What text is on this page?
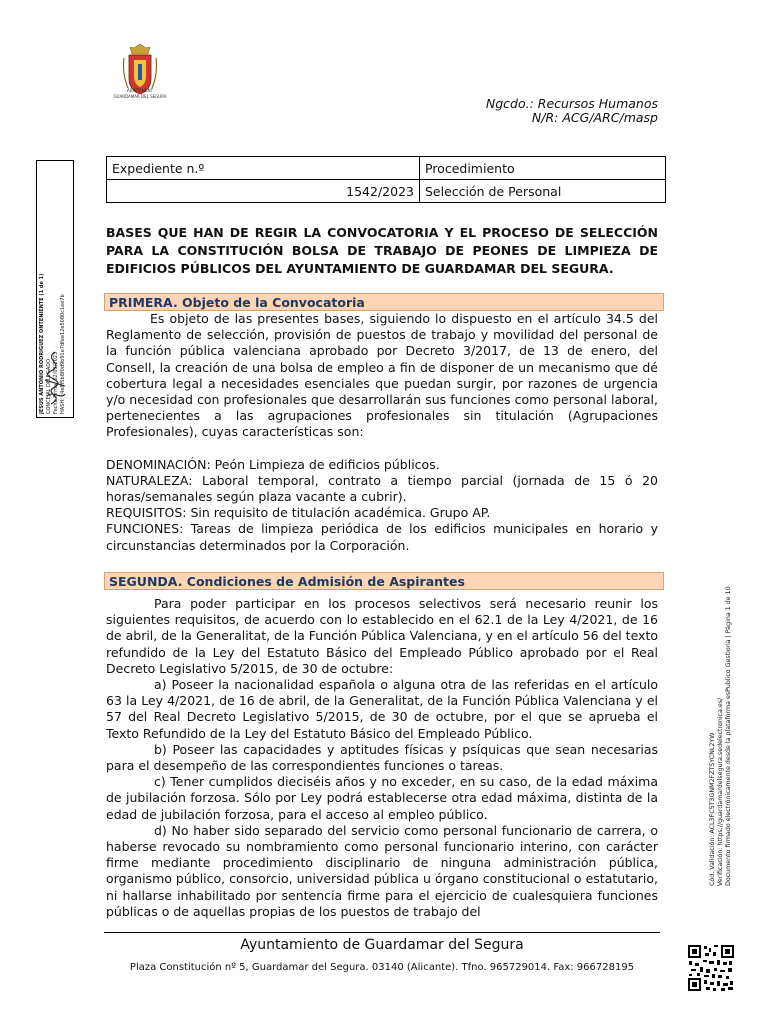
AJUNTAMENT
GUARDAMAR DEL SEGURA	Ngcdo.: Recursos Humanos
N/R: ACG/ARC/masp
Expediente n.º	Procedimiento
1542/2023	Selección de Personal
BASES QUE HAN DE REGIR LA CONVOCATORIA Y EL PROCESO DE SELECCIÓN PARA LA CONSTITUCIÓN BOLSA DE TRABAJO DE PEONES DE LIMPIEZA DE EDIFICIOS PÚBLICOS DEL AYUNTAMIENTO DE GUARDAMAR DEL SEGURA.
PRIMERA. Objeto de la Convocatoria

Es objeto de las presentes bases, siguiendo lo dispuesto en el artículo 34.5 del Reglamento de selección, provisión de puestos de trabajo y movilidad del personal de la función pública valenciana aprobado por Decreto 3/2017, de 13 de enero, del Consell, la creación de una bolsa de empleo a fin de disponer de un mecanismo que dé cobertura legal a necesidades esenciales que puedan surgir, por razones de urgencia y/o necesidad con profesionales que desarrollarán sus funciones como personal laboral, pertenecientes a las agrupaciones profesionales sin titulación (Agrupaciones Profesionales), cuyas características son:

DENOMINACIÓN: Peón Limpieza de edificios públicos.

NATURALEZA: Laboral temporal, contrato a tiempo parcial (jornada de 15 ó 20 horas/semanales según plaza vacante a cubrir).

REQUISITOS: Sin requisito de titulación académica. Grupo AP.

FUNCIONES: Tareas de limpieza periódica de los edificios municipales en horario y circunstancias determinados por la Corporación.

SEGUNDA. Condiciones de Admisión de Aspirantes

Para poder participar en los procesos selectivos será necesario reunir los siguientes requisitos, de acuerdo con lo establecido en el 62.1 de la Ley 4/2021, de 16 de abril, de la Generalitat, de la Función Pública Valenciana, y en el artículo 56 del texto refundido de la Ley del Estatuto Básico del Empleado Público aprobado por el Real Decreto Legislativo 5/2015, de 30 de octubre:

a) Poseer la nacionalidad española o alguna otra de las referidas en el artículo 63 la Ley 4/2021, de 16 de abril, de la Generalitat, de la Función Pública Valenciana y el 57 del Real Decreto Legislativo 5/2015, de 30 de octubre, por el que se aprueba el Texto Refundido de la Ley del Estatuto Básico del Empleado Público.

b) Poseer las capacidades y aptitudes físicas y psíquicas que sean necesarias para el desempeño de las correspondientes funciones o tareas.

c) Tener cumplidos dieciséis años y no exceder, en su caso, de la edad máxima de jubilación forzosa. Sólo por Ley podrá establecerse otra edad máxima, distinta de la edad de jubilación forzosa, para el acceso al empleo público.

d) No haber sido separado del servicio como personal funcionario de carrera, o haberse revocado su nombramiento como personal funcionario interino, con carácter firme mediante procedimiento disciplinario de ninguna administración pública, organismo público, consorcio, universidad pública u órgano constitucional o estatutario, ni hallarse inhabilitado por sentencia firme para el ejercicio de cualesquiera funciones públicas o de aquellas propias de los puestos de trabajo del

Ayuntamiento de Guardamar del Segura
Plaza Constitución nº 5, Guardamar del Segura. 03140 (Alicante). Tfno. 965729014. Fax: 966728195
JESUS ANTONIO RODRIGUEZ ONTENIENTE (1 de 1) CONCEJAL DELEGADO Fecha Firma: 02/03/2023 HASH: c4e8f5b8f0d9b91e7dfee12e5080c1ee7b
Cód. Validación: ACL3FC5T3GNM2FZTSYCNL2YW Verificación: https://guardamardelsegura.sedelectronica.es/ Documento firmado electrónicamente desde la plataforma esPublico Gestiona | Página 1 de 10
